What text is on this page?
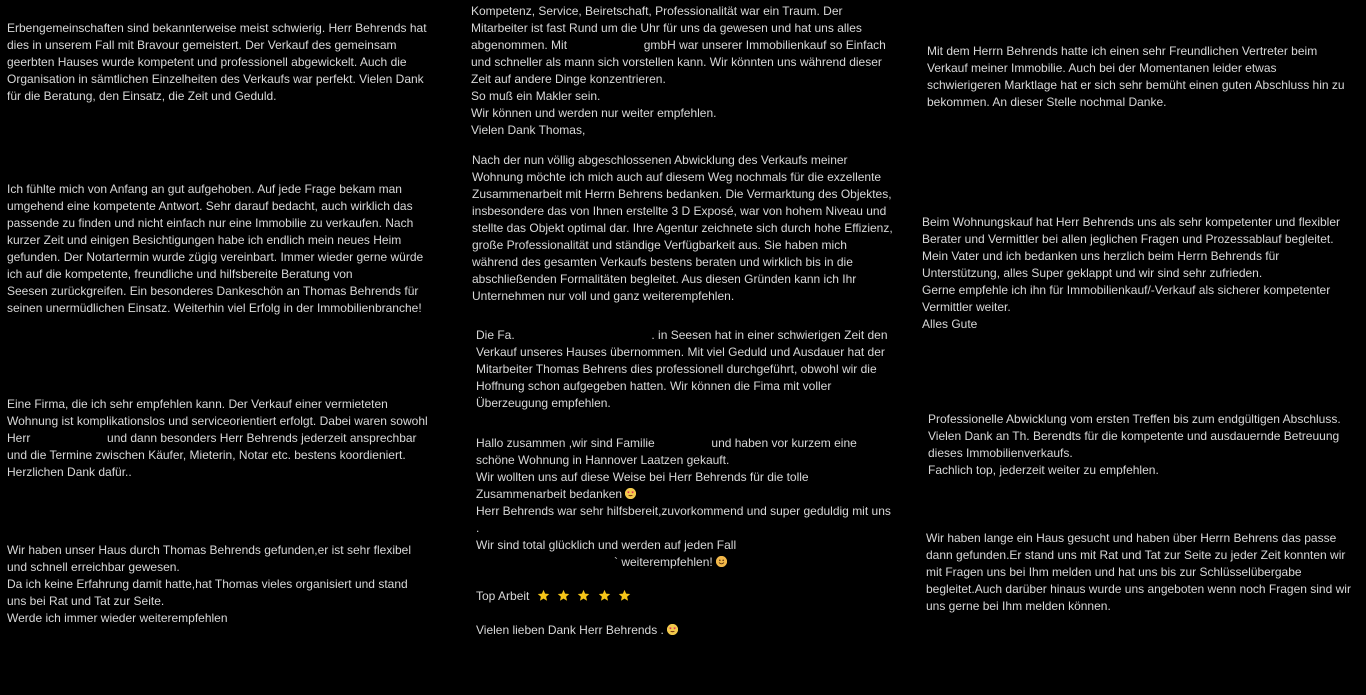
Erbengemeinschaften sind bekannterweise meist schwierig. Herr Behrends hat dies in unserem Fall mit Bravour gemeistert. Der Verkauf des gemeinsam geerbten Hauses wurde kompetent und professionell abgewickelt. Auch die Organisation in sämtlichen Einzelheiten des Verkaufs war perfekt. Vielen Dank für die Beratung, den Einsatz, die Zeit und Geduld.

Ich fühlte mich von Anfang an gut aufgehoben. Auf jede Frage bekam man umgehend eine kompetente Antwort. Sehr darauf bedacht, auch wirklich das passende zu finden und nicht einfach nur eine Immobilie zu verkaufen. Nach kurzer Zeit und einigen Besichtigungen habe ich endlich mein neues Heim gefunden. Der Notartermin wurde zügig vereinbart. Immer wieder gerne würde ich auf die kompetente, freundliche und hilfsbereite Beratung von                              Seesen zurückgreifen. Ein besonderes Dankeschön an Thomas Behrends für seinen unermüdlichen Einsatz. Weiterhin viel Erfolg in der Immobilienbranche!

Eine Firma, die ich sehr empfehlen kann. Der Verkauf einer vermieteten Wohnung ist komplikationslos und serviceorientiert erfolgt. Dabei waren sowohl Herr                       und dann besonders Herr Behrends jederzeit ansprechbar und die Termine zwischen Käufer, Mieterin, Notar etc. bestens koordieniert. Herzlichen Dank dafür..

Wir haben unser Haus durch Thomas Behrends gefunden,er ist sehr flexibel und schnell erreichbar gewesen.

Da ich keine Erfahrung damit hatte,hat Thomas vieles organisiert und stand uns bei Rat und Tat zur Seite.

Werde ich immer wieder weiterempfehlen

Kompetenz, Service, Beiretschaft, Professionalität war ein Traum. Der Mitarbeiter ist fast Rund um die Uhr für uns da gewesen und hat uns alles abgenommen. Mit                       gmbH war unserer Immobilienkauf so Einfach und schneller als mann sich vorstellen kann. Wir könnten uns während dieser Zeit auf andere Dinge konzentrieren.

So muß ein Makler sein.

Wir können und werden nur weiter empfehlen.

Vielen Dank Thomas,

Nach der nun völlig abgeschlossenen Abwicklung des Verkaufs meiner Wohnung möchte ich mich auch auf diesem Weg nochmals für die exzellente Zusammenarbeit mit Herrn Behrens bedanken. Die Vermarktung des Objektes, insbesondere das von Ihnen erstellte 3 D Exposé, war von hohem Niveau und stellte das Objekt optimal dar. Ihre Agentur zeichnete sich durch hohe Effizienz, große Professionalität und ständige Verfügbarkeit aus. Sie haben mich während des gesamten Verkaufs bestens beraten und wirklich bis in die abschließenden Formalitäten begleitet. Aus diesen Gründen kann ich Ihr Unternehmen nur voll und ganz weiterempfehlen.

Die Fa.                                         . in Seesen hat in einer schwierigen Zeit den Verkauf unseres Hauses übernommen. Mit viel Geduld und Ausdauer hat der Mitarbeiter Thomas Behrens dies professionell durchgeführt, obwohl wir die Hoffnung schon aufgegeben hatten. Wir können die Fima mit voller Überzeugung empfehlen.

Hallo zusammen ,wir sind Familie                 und haben vor kurzem eine schöne Wohnung in Hannover Laatzen gekauft.

Wir wollten uns auf diese Weise bei Herr Behrends für die tolle Zusammenarbeit bedanken

Herr Behrends war sehr hilfsbereit,zuvorkommend und super geduldig mit uns .

Wir sind total glücklich und werden auf jeden Fall

` weiterempfehlen!

Top Arbeit

Vielen lieben Dank Herr Behrends .

Mit dem Herrn Behrends hatte ich einen sehr Freundlichen Vertreter beim Verkauf meiner Immobilie. Auch bei der Momentanen leider etwas schwierigeren Marktlage hat er sich sehr bemüht einen guten Abschluss hin zu bekommen. An dieser Stelle nochmal Danke.

Beim Wohnungskauf hat Herr Behrends uns als sehr kompetenter und flexibler Berater und Vermittler bei allen jeglichen Fragen und Prozessablauf begleitet.

Mein Vater und ich bedanken uns herzlich beim Herrn Behrends für Unterstützung, alles Super geklappt und wir sind sehr zufrieden.

Gerne empfehle ich ihn für Immobilienkauf/-Verkauf als sicherer kompetenter Vermittler weiter.

Alles Gute

Professionelle Abwicklung vom ersten Treffen bis zum endgültigen Abschluss.

Vielen Dank an Th. Berendts für die kompetente und ausdauernde Betreuung dieses Immobilienverkaufs.

Fachlich top, jederzeit weiter zu empfehlen.

Wir haben lange ein Haus gesucht und haben über Herrn Behrens das passe dann gefunden.Er stand uns mit Rat und Tat zur Seite zu jeder Zeit konnten wir mit Fragen uns bei Ihm melden und hat uns bis zur Schlüsselübergabe begleitet.Auch darüber hinaus wurde uns angeboten wenn noch Fragen sind wir uns gerne bei Ihm melden können.
